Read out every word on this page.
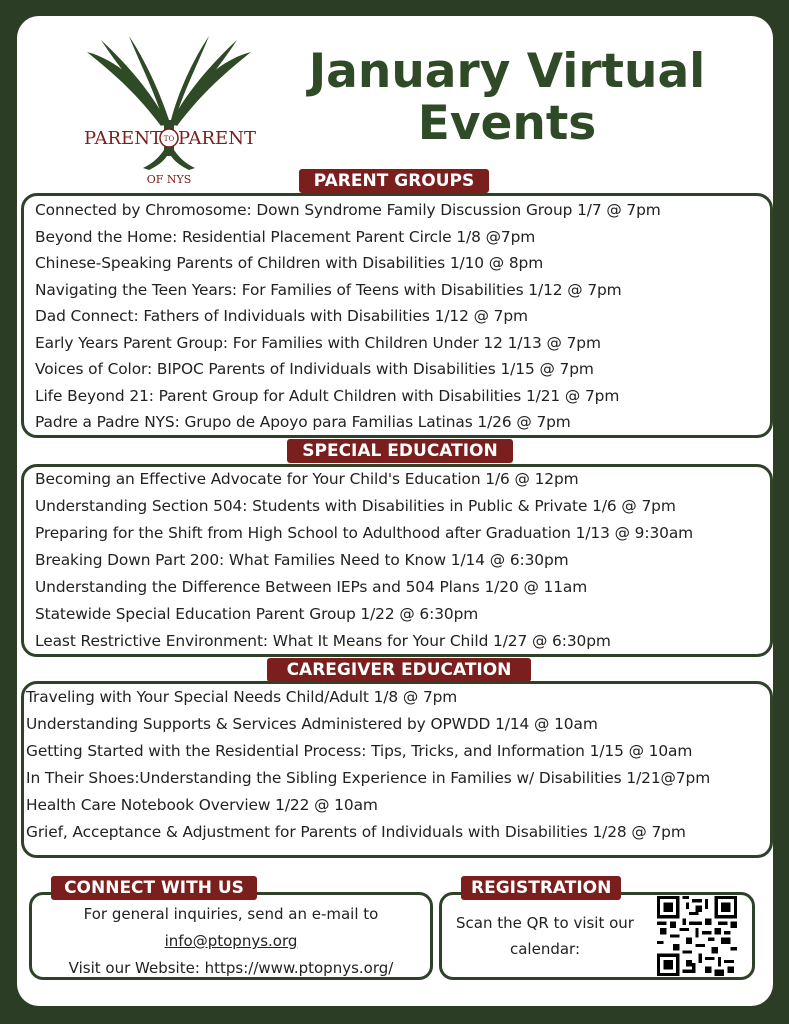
TO
PARENT PARENT
OF NYS
January Virtual
Events
PARENT GROUPS
Connected by Chromosome: Down Syndrome Family Discussion Group 1/7 @ 7pm
Beyond the Home: Residential Placement Parent Circle 1/8 @7pm
Chinese-Speaking Parents of Children with Disabilities 1/10 @ 8pm
Navigating the Teen Years: For Families of Teens with Disabilities 1/12 @ 7pm
Dad Connect: Fathers of Individuals with Disabilities 1/12 @ 7pm
Early Years Parent Group: For Families with Children Under 12 1/13 @ 7pm
Voices of Color: BIPOC Parents of Individuals with Disabilities 1/15 @ 7pm
Life Beyond 21: Parent Group for Adult Children with Disabilities 1/21 @ 7pm
Padre a Padre NYS: Grupo de Apoyo para Familias Latinas 1/26 @ 7pm
SPECIAL EDUCATION
Becoming an Effective Advocate for Your Child's Education 1/6 @ 12pm
Understanding Section 504: Students with Disabilities in Public & Private 1/6 @ 7pm
Preparing for the Shift from High School to Adulthood after Graduation 1/13 @ 9:30am
Breaking Down Part 200: What Families Need to Know 1/14 @ 6:30pm
Understanding the Difference Between IEPs and 504 Plans 1/20 @ 11am
Statewide Special Education Parent Group 1/22 @ 6:30pm
Least Restrictive Environment: What It Means for Your Child 1/27 @ 6:30pm
CAREGIVER EDUCATION
Traveling with Your Special Needs Child/Adult 1/8 @ 7pm
Understanding Supports & Services Administered by OPWDD 1/14 @ 10am
Getting Started with the Residential Process: Tips, Tricks, and Information 1/15 @ 10am
In Their Shoes:Understanding the Sibling Experience in Families w/ Disabilities 1/21@7pm
Health Care Notebook Overview 1/22 @ 10am
Grief, Acceptance & Adjustment for Parents of Individuals with Disabilities 1/28 @ 7pm
CONNECT WITH US
For general inquiries, send an e-mail to
info@ptopnys.org
Visit our Website: https://www.ptopnys.org/
REGISTRATION
Scan the QR to visit our
calendar:
